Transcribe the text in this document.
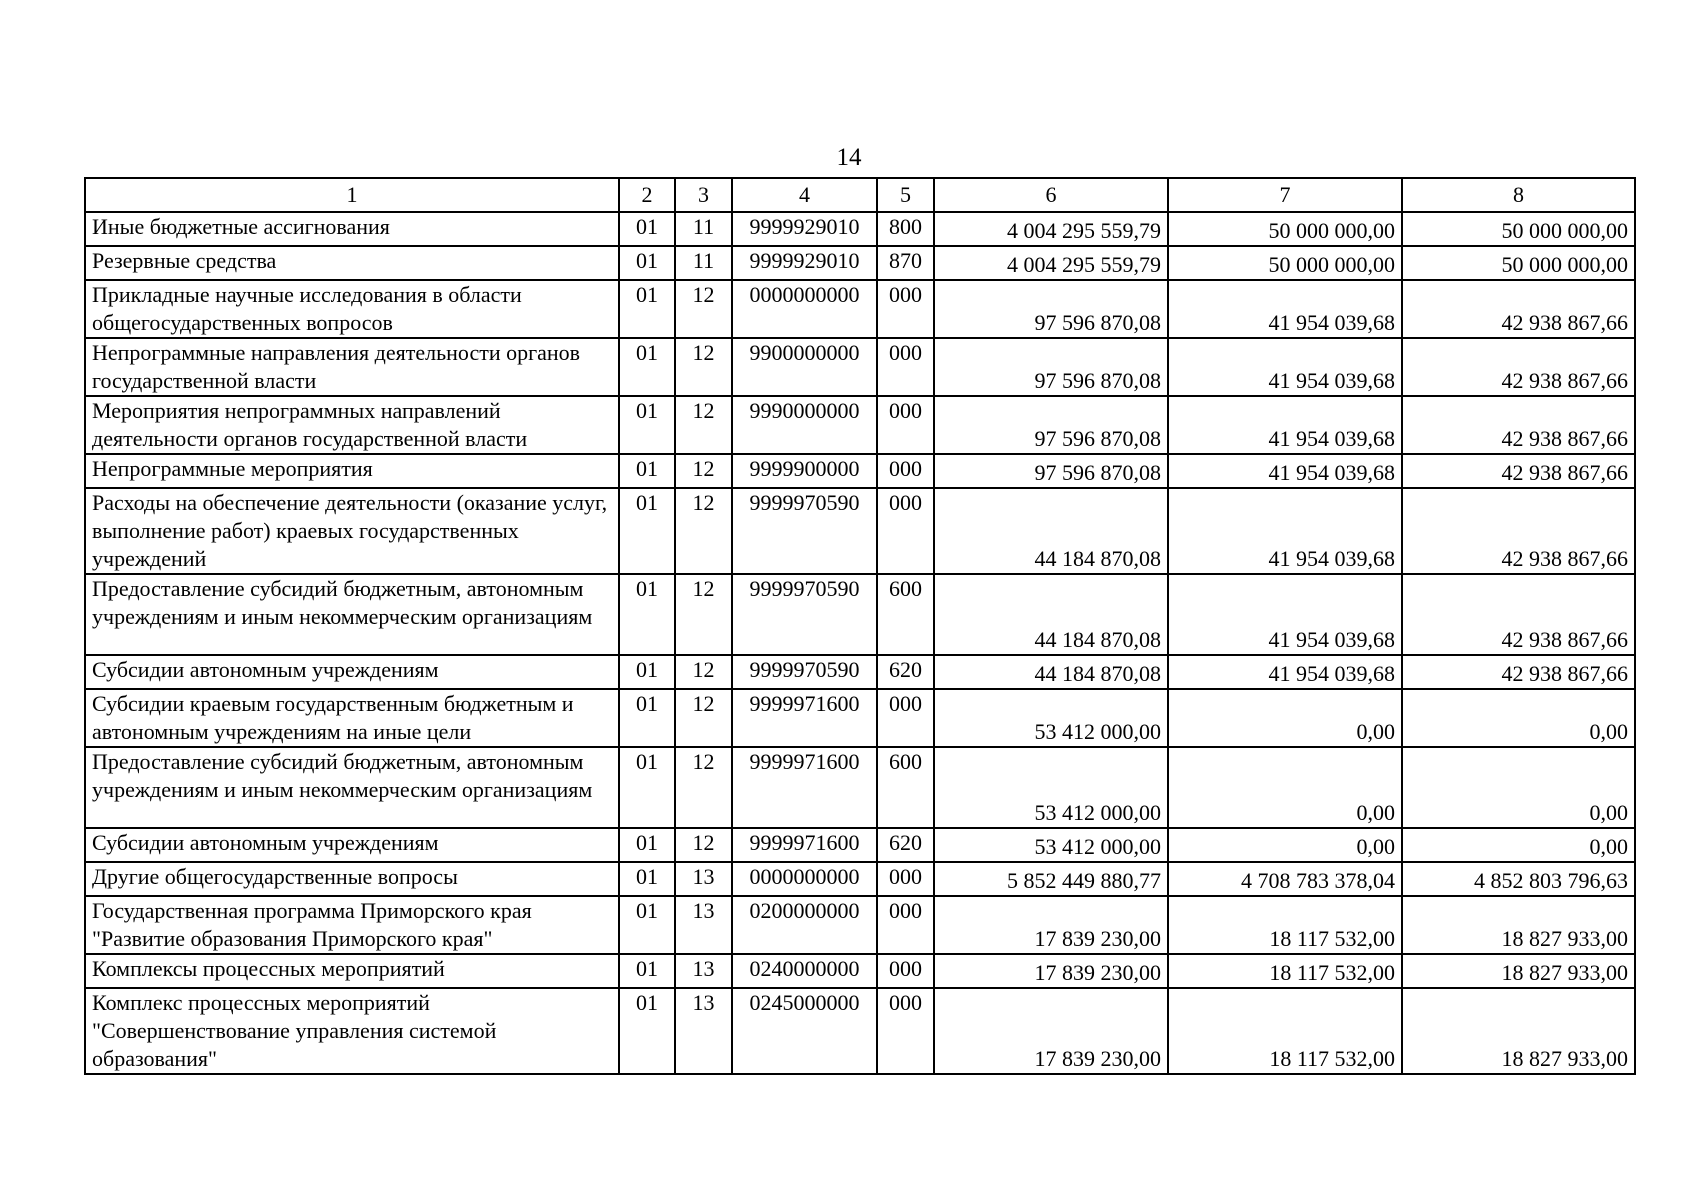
14
1	2	3	4	5	6	7	8
Иные бюджетные ассигнования	01	11	9999929010	800	4 004 295 559,79	50 000 000,00	50 000 000,00
Резервные средства	01	11	9999929010	870	4 004 295 559,79	50 000 000,00	50 000 000,00
Прикладные научные исследования в области общегосударственных вопросов	01	12	0000000000	000	97 596 870,08	41 954 039,68	42 938 867,66
Непрограммные направления деятельности органов государственной власти	01	12	9900000000	000	97 596 870,08	41 954 039,68	42 938 867,66
Мероприятия непрограммных направлений деятельности органов государственной власти	01	12	9990000000	000	97 596 870,08	41 954 039,68	42 938 867,66
Непрограммные мероприятия	01	12	9999900000	000	97 596 870,08	41 954 039,68	42 938 867,66
Расходы на обеспечение деятельности (оказание услуг, выполнение работ) краевых государственных учреждений	01	12	9999970590	000	44 184 870,08	41 954 039,68	42 938 867,66
Предоставление субсидий бюджетным, автономным учреждениям и иным некоммерческим организациям	01	12	9999970590	600	44 184 870,08	41 954 039,68	42 938 867,66
Субсидии автономным учреждениям	01	12	9999970590	620	44 184 870,08	41 954 039,68	42 938 867,66
Субсидии краевым государственным бюджетным и автономным учреждениям на иные цели	01	12	9999971600	000	53 412 000,00	0,00	0,00
Предоставление субсидий бюджетным, автономным учреждениям и иным некоммерческим организациям	01	12	9999971600	600	53 412 000,00	0,00	0,00
Субсидии автономным учреждениям	01	12	9999971600	620	53 412 000,00	0,00	0,00
Другие общегосударственные вопросы	01	13	0000000000	000	5 852 449 880,77	4 708 783 378,04	4 852 803 796,63
Государственная программа Приморского края "Развитие образования Приморского края"	01	13	0200000000	000	17 839 230,00	18 117 532,00	18 827 933,00
Комплексы процессных мероприятий	01	13	0240000000	000	17 839 230,00	18 117 532,00	18 827 933,00
Комплекс процессных мероприятий "Совершенствование управления системой образования"	01	13	0245000000	000	17 839 230,00	18 117 532,00	18 827 933,00
